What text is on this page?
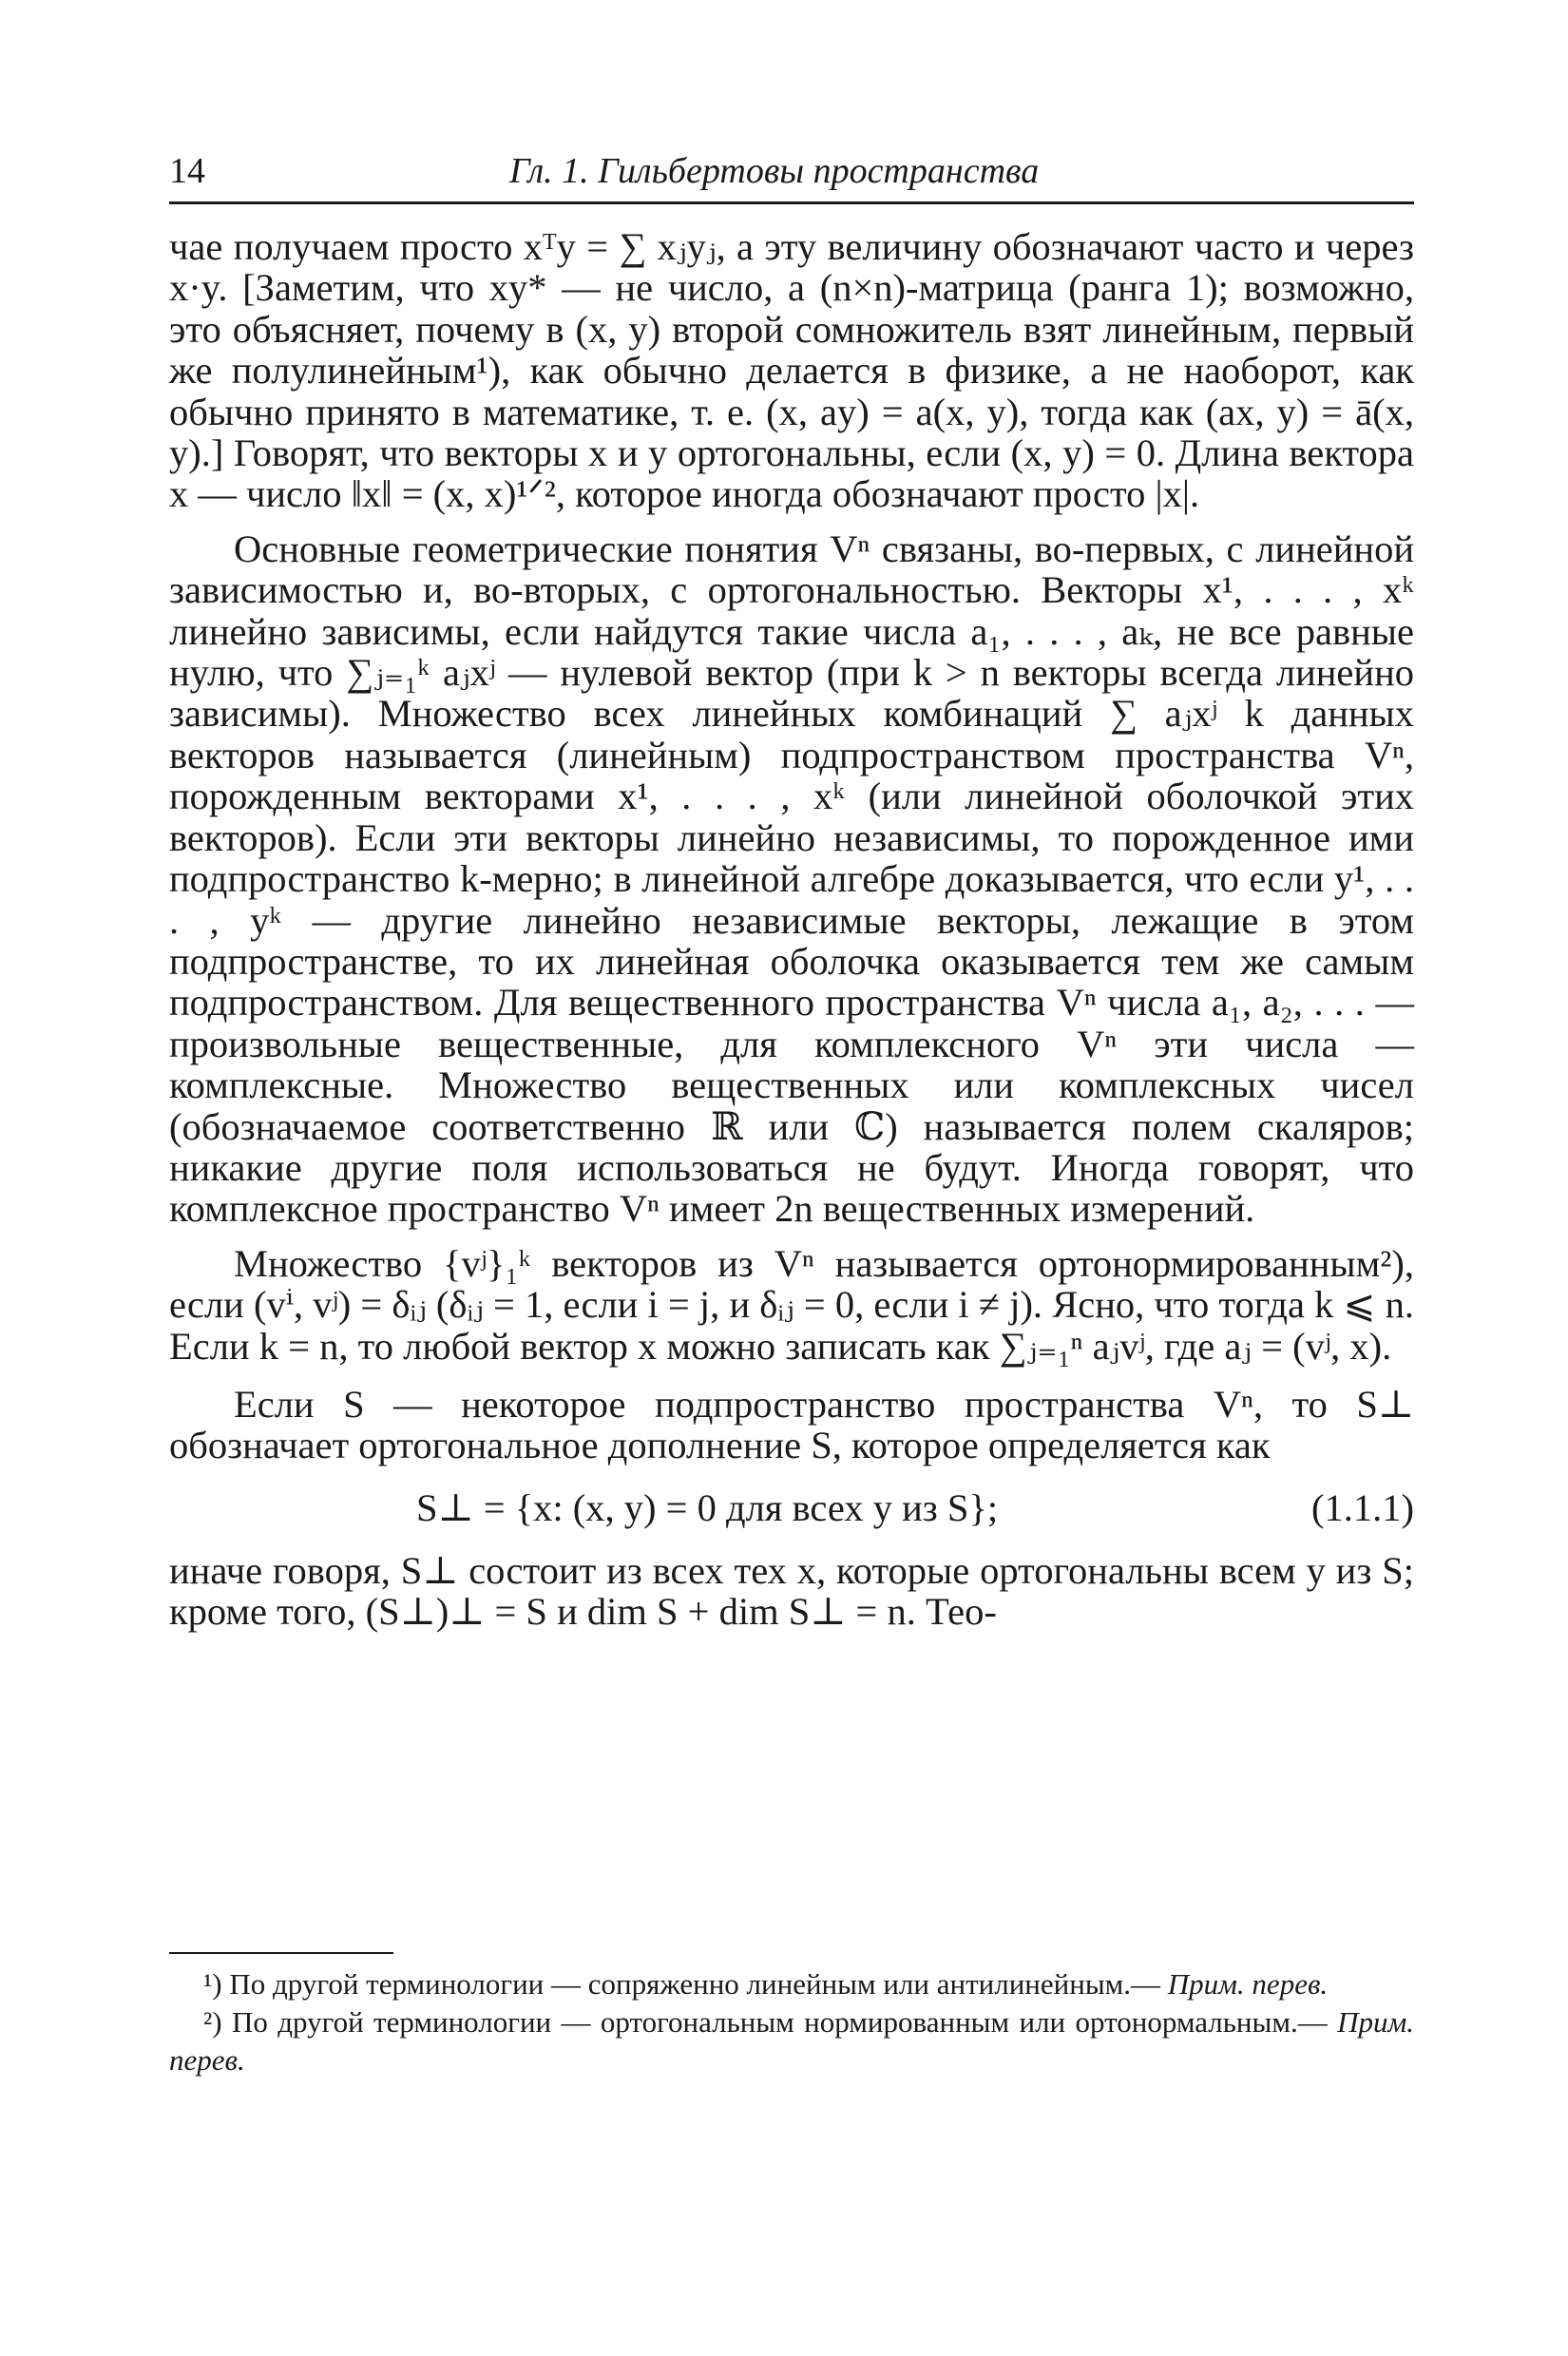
14	Гл. 1. Гильбертовы пространства

чае получаем просто xᵀy = ∑ xⱼyⱼ, а эту величину обозначают часто и через x·y. [Заметим, что xy* — не число, а (n×n)-матрица (ранга 1); возможно, это объясняет, почему в (x, y) второй сомножитель взят линейным, первый же полулинейным¹), как обычно делается в физике, а не наоборот, как обычно принято в математике, т. е. (x, ay) = a(x, y), тогда как (ax, y) = ā(x, y).] Говорят, что векторы x и y ортогональны, если (x, y) = 0. Длина вектора x — число ‖x‖ = (x, x)¹ᐟ², которое иногда обозначают просто |x|.

Основные геометрические понятия Vⁿ связаны, во-первых, с линейной зависимостью и, во-вторых, с ортогональностью. Векторы x¹, . . . , xᵏ линейно зависимы, если найдутся такие числа a₁, . . . , aₖ, не все равные нулю, что ∑ⱼ₌₁ᵏ aⱼxʲ — нулевой вектор (при k > n векторы всегда линейно зависимы). Множество всех линейных комбинаций ∑ aⱼxʲ k данных векторов называется (линейным) подпространством пространства Vⁿ, порожденным векторами x¹, . . . , xᵏ (или линейной оболочкой этих векторов). Если эти векторы линейно независимы, то порожденное ими подпространство k-мерно; в линейной алгебре доказывается, что если y¹, . . . , yᵏ — другие линейно независимые векторы, лежащие в этом подпространстве, то их линейная оболочка оказывается тем же самым подпространством. Для вещественного пространства Vⁿ числа a₁, a₂, . . . — произвольные вещественные, для комплексного Vⁿ эти числа — комплексные. Множество вещественных или комплексных чисел (обозначаемое соответственно ℝ или ℂ) называется полем скаляров; никакие другие поля использоваться не будут. Иногда говорят, что комплексное пространство Vⁿ имеет 2n вещественных измерений.

Множество {vʲ}₁ᵏ векторов из Vⁿ называется ортонормированным²), если (vⁱ, vʲ) = δᵢⱼ (δᵢⱼ = 1, если i = j, и δᵢⱼ = 0, если i ≠ j). Ясно, что тогда k ⩽ n. Если k = n, то любой вектор x можно записать как ∑ⱼ₌₁ⁿ aⱼvʲ, где aⱼ = (vʲ, x).

Если S — некоторое подпространство пространства Vⁿ, то S⊥ обозначает ортогональное дополнение S, которое определяется как

S⊥ = {x: (x, y) = 0 для всех y из S};	(1.1.1)

иначе говоря, S⊥ состоит из всех тех x, которые ортогональны всем y из S; кроме того, (S⊥)⊥ = S и dim S + dim S⊥ = n. Тео-

¹) По другой терминологии — сопряженно линейным или антилинейным.— Прим. перев.

²) По другой терминологии — ортогональным нормированным или ортонормальным.— Прим. перев.
